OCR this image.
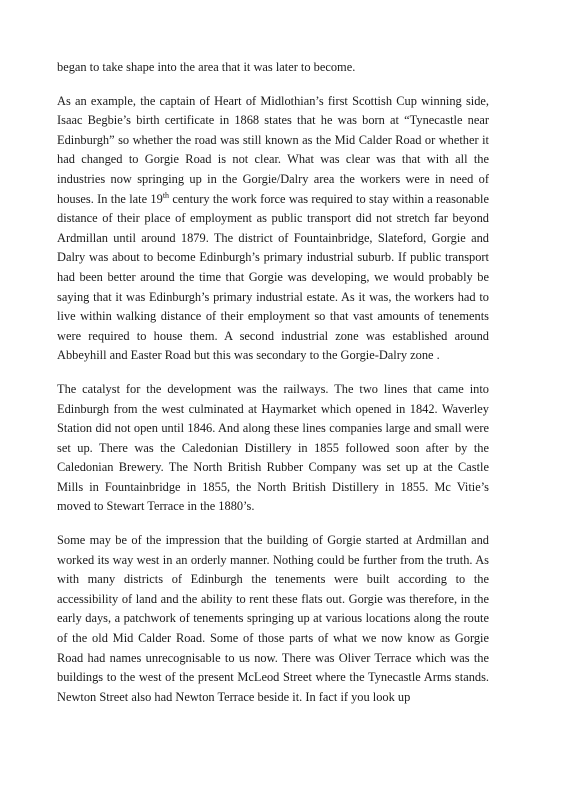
began to take shape into the area that it was later to become.

As an example, the captain of Heart of Midlothian’s first Scottish Cup winning side, Isaac Begbie’s birth certificate in 1868 states that he was born at “Tynecastle near Edinburgh” so whether the road was still known as the Mid Calder Road or whether it had changed to Gorgie Road is not clear. What was clear was that with all the industries now springing up in the Gorgie/Dalry area the workers were in need of houses. In the late 19th century the work force was required to stay within a reasonable distance of their place of employment as public transport did not stretch far beyond Ardmillan until around 1879. The district of Fountainbridge, Slateford, Gorgie and Dalry was about to become Edinburgh’s primary industrial suburb. If public transport had been better around the time that Gorgie was developing, we would probably be saying that it was Edinburgh’s primary industrial estate. As it was, the workers had to live within walking distance of their employment so that vast amounts of tenements were required to house them. A second industrial zone was established around Abbeyhill and Easter Road but this was secondary to the Gorgie-Dalry zone .

The catalyst for the development was the railways. The two lines that came into Edinburgh from the west culminated at Haymarket which opened in 1842. Waverley Station did not open until 1846. And along these lines companies large and small were set up. There was the Caledonian Distillery in 1855 followed soon after by the Caledonian Brewery. The North British Rubber Company was set up at the Castle Mills in Fountainbridge in 1855, the North British Distillery in 1855. Mc Vitie’s moved to Stewart Terrace in the 1880’s.

Some may be of the impression that the building of Gorgie started at Ardmillan and worked its way west in an orderly manner. Nothing could be further from the truth. As with many districts of Edinburgh the tenements were built according to the accessibility of land and the ability to rent these flats out. Gorgie was therefore, in the early days, a patchwork of tenements springing up at various locations along the route of the old Mid Calder Road. Some of those parts of what we now know as Gorgie Road had names unrecognisable to us now. There was Oliver Terrace which was the buildings to the west of the present McLeod Street where the Tynecastle Arms stands. Newton Street also had Newton Terrace beside it. In fact if you look up
